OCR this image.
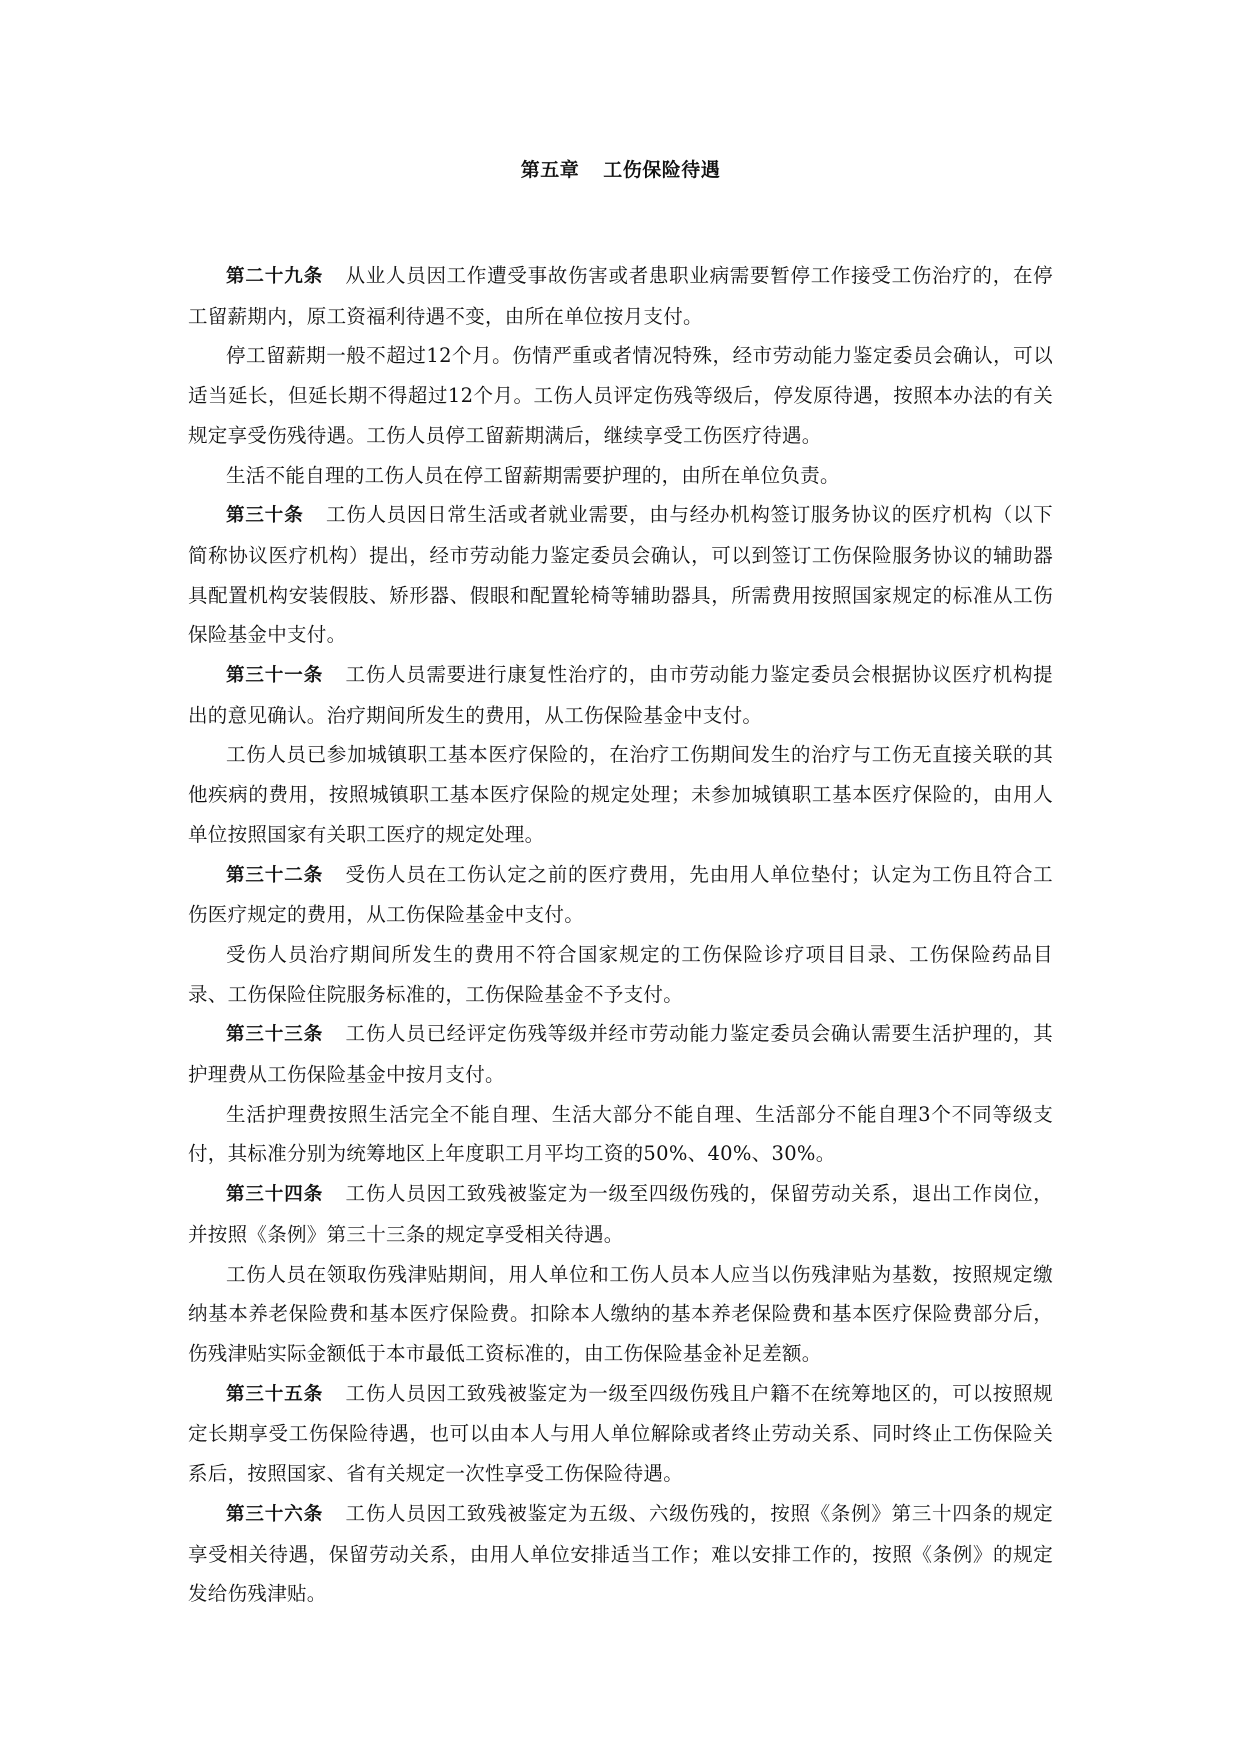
第五章 工伤保险待遇

第二十九条 从业人员因工作遭受事故伤害或者患职业病需要暂停工作接受工伤治疗的，在停工留薪期内，原工资福利待遇不变，由所在单位按月支付。

停工留薪期一般不超过12个月。伤情严重或者情况特殊，经市劳动能力鉴定委员会确认，可以适当延长，但延长期不得超过12个月。工伤人员评定伤残等级后，停发原待遇，按照本办法的有关规定享受伤残待遇。工伤人员停工留薪期满后，继续享受工伤医疗待遇。

生活不能自理的工伤人员在停工留薪期需要护理的，由所在单位负责。

第三十条 工伤人员因日常生活或者就业需要，由与经办机构签订服务协议的医疗机构（以下简称协议医疗机构）提出，经市劳动能力鉴定委员会确认，可以到签订工伤保险服务协议的辅助器具配置机构安装假肢、矫形器、假眼和配置轮椅等辅助器具，所需费用按照国家规定的标准从工伤保险基金中支付。

第三十一条 工伤人员需要进行康复性治疗的，由市劳动能力鉴定委员会根据协议医疗机构提出的意见确认。治疗期间所发生的费用，从工伤保险基金中支付。

工伤人员已参加城镇职工基本医疗保险的，在治疗工伤期间发生的治疗与工伤无直接关联的其他疾病的费用，按照城镇职工基本医疗保险的规定处理；未参加城镇职工基本医疗保险的，由用人单位按照国家有关职工医疗的规定处理。

第三十二条 受伤人员在工伤认定之前的医疗费用，先由用人单位垫付；认定为工伤且符合工伤医疗规定的费用，从工伤保险基金中支付。

受伤人员治疗期间所发生的费用不符合国家规定的工伤保险诊疗项目目录、工伤保险药品目录、工伤保险住院服务标准的，工伤保险基金不予支付。

第三十三条 工伤人员已经评定伤残等级并经市劳动能力鉴定委员会确认需要生活护理的，其护理费从工伤保险基金中按月支付。

生活护理费按照生活完全不能自理、生活大部分不能自理、生活部分不能自理3个不同等级支付，其标准分别为统筹地区上年度职工月平均工资的50%、40%、30%。

第三十四条 工伤人员因工致残被鉴定为一级至四级伤残的，保留劳动关系，退出工作岗位，并按照《条例》第三十三条的规定享受相关待遇。

工伤人员在领取伤残津贴期间，用人单位和工伤人员本人应当以伤残津贴为基数，按照规定缴纳基本养老保险费和基本医疗保险费。扣除本人缴纳的基本养老保险费和基本医疗保险费部分后，伤残津贴实际金额低于本市最低工资标准的，由工伤保险基金补足差额。

第三十五条 工伤人员因工致残被鉴定为一级至四级伤残且户籍不在统筹地区的，可以按照规定长期享受工伤保险待遇，也可以由本人与用人单位解除或者终止劳动关系、同时终止工伤保险关系后，按照国家、省有关规定一次性享受工伤保险待遇。

第三十六条 工伤人员因工致残被鉴定为五级、六级伤残的，按照《条例》第三十四条的规定享受相关待遇，保留劳动关系，由用人单位安排适当工作；难以安排工作的，按照《条例》的规定发给伤残津贴。
